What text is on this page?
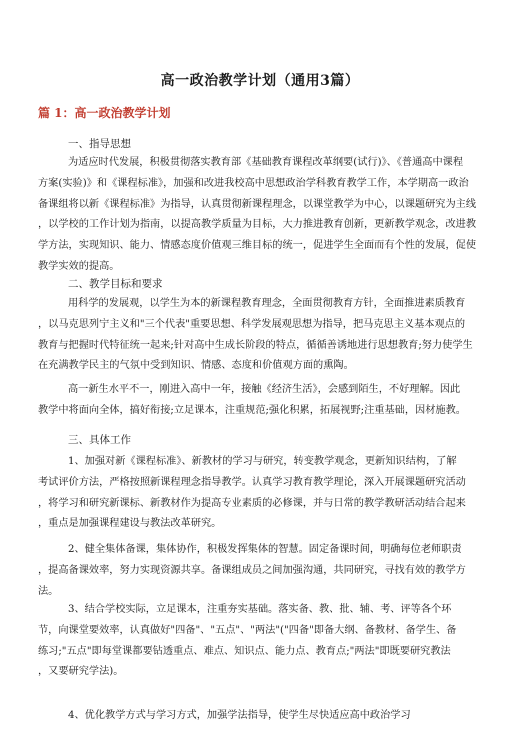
高一政治教学计划（通用3篇）
篇 1：高一政治教学计划
一、指导思想
为适应时代发展，积极贯彻落实教育部《基础教育课程改革纲要(试行)》、《普通高中课程
方案(实验)》和《课程标准》，加强和改进我校高中思想政治学科教育教学工作，本学期高一政治
备课组将以新《课程标准》为指导，认真贯彻新课程理念，以课堂教学为中心，以课题研究为主线
，以学校的工作计划为指南，以提高教学质量为目标，大力推进教育创新，更新教学观念，改进教
学方法，实现知识、能力、情感态度价值观三维目标的统一，促进学生全面而有个性的发展，促使
教学实效的提高。
二、教学目标和要求
用科学的发展观，以学生为本的新课程教育理念，全面贯彻教育方针，全面推进素质教育
，以马克思列宁主义和"三个代表"重要思想、科学发展观思想为指导，把马克思主义基本观点的
教育与把握时代特征统一起来;针对高中生成长阶段的特点，循循善诱地进行思想教育;努力使学生
在充满教学民主的气氛中受到知识、情感、态度和价值观方面的熏陶。
高一新生水平不一，刚进入高中一年，接触《经济生活》，会感到陌生，不好理解。因此
教学中将面向全体，搞好衔接;立足课本，注重规范;强化积累，拓展视野;注重基础，因材施教。
三、具体工作
1、加强对新《课程标准》、新教材的学习与研究，转变教学观念，更新知识结构，了解
考试评价方法，严格按照新课程理念指导教学。认真学习教育教学理论，深入开展课题研究活动
，将学习和研究新课标、新教材作为提高专业素质的必修课，并与日常的教学教研活动结合起来
，重点是加强课程建设与教法改革研究。
2、健全集体备课，集体协作，积极发挥集体的智慧。固定备课时间，明确每位老师职责
，提高备课效率，努力实现资源共享。备课组成员之间加强沟通，共同研究，寻找有效的教学方
法。
3、结合学校实际，立足课本，注重夯实基础。落实备、教、批、辅、考、评等各个环
节，向课堂要效率，认真做好"四备"、"五点"、"两法"("四备"即备大纲、备教材、备学生、备
练习;"五点"即每堂课都要钻透重点、难点、知识点、能力点、教育点;"两法"即既要研究教法
，又要研究学法)。
4、优化教学方式与学习方式，加强学法指导，使学生尽快适应高中政治学习
